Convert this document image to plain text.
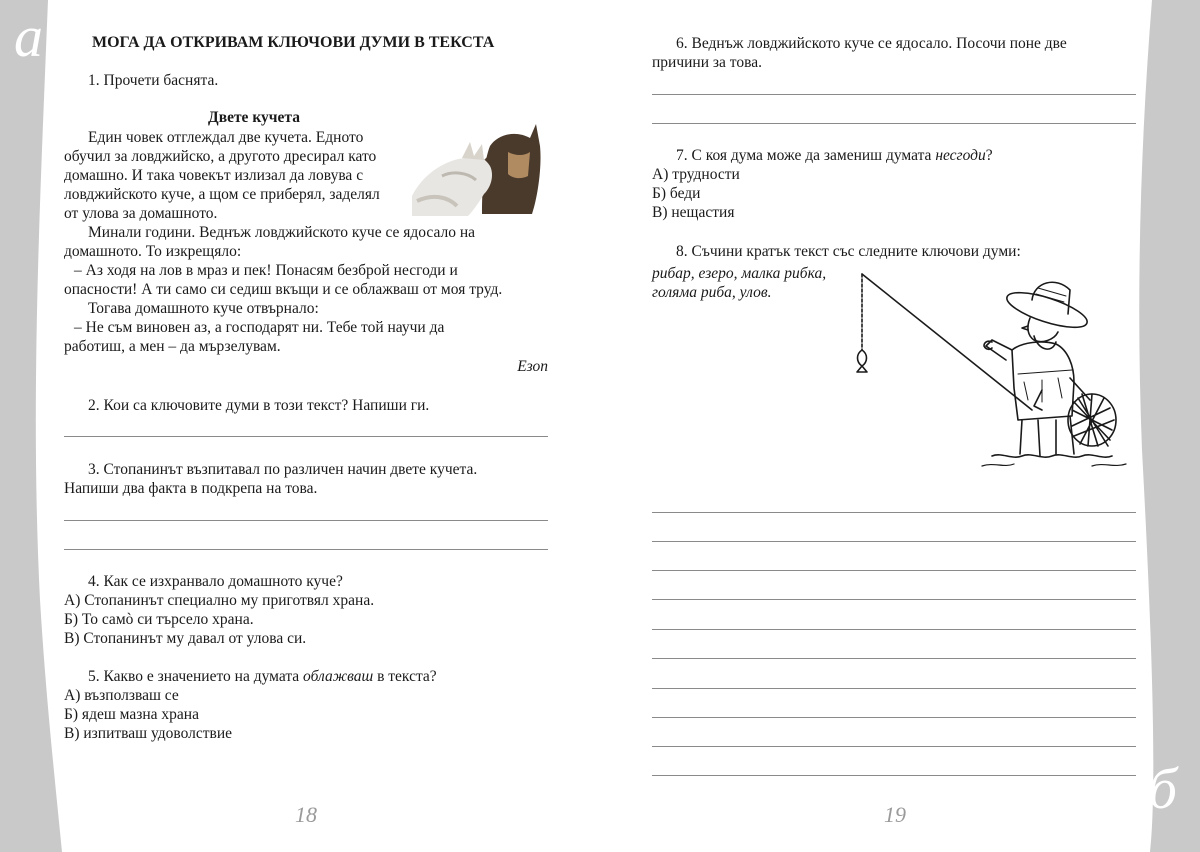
а
б
МОГА ДА ОТКРИВАМ КЛЮЧОВИ ДУМИ В ТЕКСТА
1. Прочети баснята.
Двете кучета
Един човек отглеждал две кучета. Едното
обучил за ловджийско, а другото дресирал като
домашно. И така човекът излизал да ловува с
ловджийското куче, а щом се приберял, заделял
от улова за домашното.
Минали години. Веднъж ловджийското куче се ядосало на
домашното. То изкрещяло:
– Аз ходя на лов в мраз и пек! Понасям безброй несгоди и
опасности! А ти само си седиш вкъщи и се облажваш от моя труд.
Тогава домашното куче отвърнало:
– Не съм виновен аз, а господарят ни. Тебе той научи да
работиш, а мен – да мързелувам.
Езоп
2. Кои са ключовите думи в този текст? Напиши ги.
3. Стопанинът възпитавал по различен начин двете кучета.
Напиши два факта в подкрепа на това.
4. Как се изхранвало домашното куче?
А) Стопанинът специално му приготвял храна.
Б) То самò си търсело храна.
В) Стопанинът му давал от улова си.
5. Какво е значението на думата облажваш в текста?
А) възползваш се
Б) ядеш мазна храна
В) изпитваш удоволствие
18
6. Веднъж ловджийското куче се ядосало. Посочи поне две
причини за това.
7. С коя дума може да замениш думата несгоди?
А) трудности
Б) беди
В) нещастия
8. Съчини кратък текст със следните ключови думи:
рибар, езеро, малка рибка,
голяма риба, улов.
19
